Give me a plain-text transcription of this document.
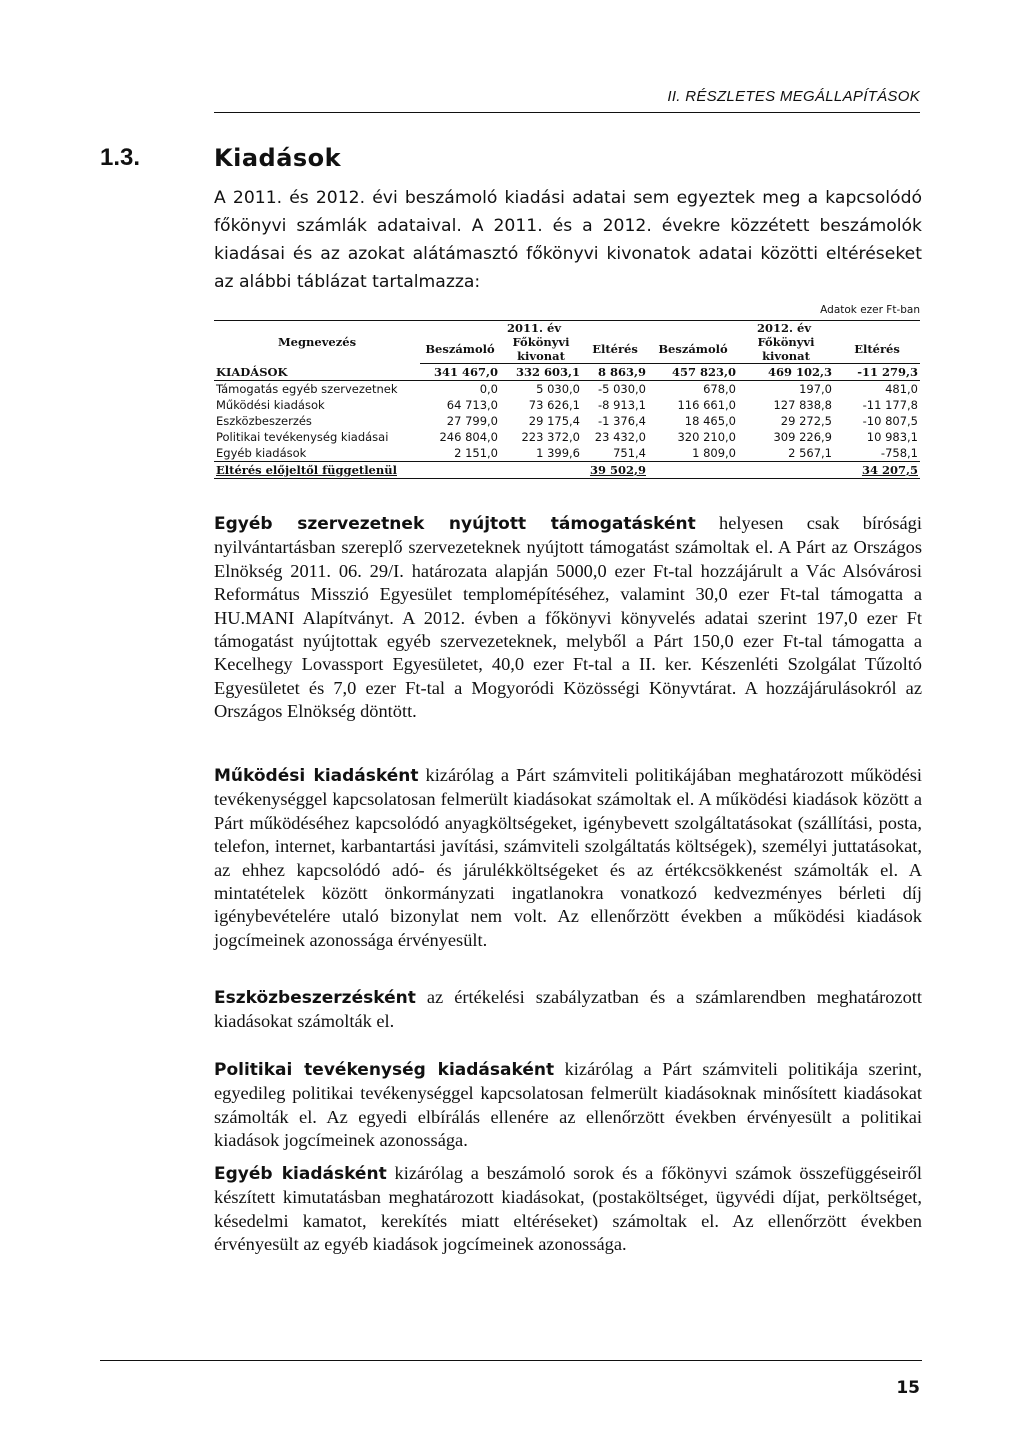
II. RÉSZLETES MEGÁLLAPÍTÁSOK
1.3.	Kiadások

A 2011. és 2012. évi beszámoló kiadási adatai sem egyeztek meg a kapcsolódó főkönyvi számlák adataival. A 2011. és a 2012. évekre közzétett beszámolók kiadásai és az azokat alátámasztó főkönyvi kivonatok adatai közötti eltéréseket az alábbi táblázat tartalmazza:

Adatok ezer Ft-ban
Megnevezés	2011. év			2012. év		
	Beszámoló	Főkönyvi kivonat	Eltérés	Beszámoló	Főkönyvi kivonat	Eltérés
KIADÁSOK	341 467,0	332 603,1	8 863,9	457 823,0	469 102,3	-11 279,3
Támogatás egyéb szervezetnek	0,0	5 030,0	-5 030,0	678,0	197,0	481,0
Működési kiadások	64 713,0	73 626,1	-8 913,1	116 661,0	127 838,8	-11 177,8
Eszközbeszerzés	27 799,0	29 175,4	-1 376,4	18 465,0	29 272,5	-10 807,5
Politikai tevékenység kiadásai	246 804,0	223 372,0	23 432,0	320 210,0	309 226,9	10 983,1
Egyéb kiadások	2 151,0	1 399,6	751,4	1 809,0	2 567,1	-758,1
Eltérés előjeltől függetlenül			39 502,9			34 207,5

Egyéb szervezetnek nyújtott támogatásként helyesen csak bírósági nyilvántartásban szereplő szervezeteknek nyújtott támogatást számoltak el. A Párt az Országos Elnökség 2011. 06. 29/I. határozata alapján 5000,0 ezer Ft-tal hozzájárult a Vác Alsóvárosi Református Misszió Egyesület templomépítéséhez, valamint 30,0 ezer Ft-tal támogatta a HU.MANI Alapítványt. A 2012. évben a főkönyvi könyvelés adatai szerint 197,0 ezer Ft támogatást nyújtottak egyéb szervezeteknek, melyből a Párt 150,0 ezer Ft-tal támogatta a Kecelhegy Lovassport Egyesületet, 40,0 ezer Ft-tal a II. ker. Készenléti Szolgálat Tűzoltó Egyesületet és 7,0 ezer Ft-tal a Mogyoródi Közösségi Könyvtárat. A hozzájárulásokról az Országos Elnökség döntött.

Működési kiadásként kizárólag a Párt számviteli politikájában meghatározott működési tevékenységgel kapcsolatosan felmerült kiadásokat számoltak el. A működési kiadások között a Párt működéséhez kapcsolódó anyagköltségeket, igénybevett szolgáltatásokat (szállítási, posta, telefon, internet, karbantartási javítási, számviteli szolgáltatás költségek), személyi juttatásokat, az ehhez kapcsolódó adó- és járulékköltségeket és az értékcsökkenést számolták el. A mintatételek között önkormányzati ingatlanokra vonatkozó kedvezményes bérleti díj igénybevételére utaló bizonylat nem volt. Az ellenőrzött években a működési kiadások jogcímeinek azonossága érvényesült.

Eszközbeszerzésként az értékelési szabályzatban és a számlarendben meghatározott kiadásokat számolták el.

Politikai tevékenység kiadásaként kizárólag a Párt számviteli politikája szerint, egyedileg politikai tevékenységgel kapcsolatosan felmerült kiadásoknak minősített kiadásokat számolták el. Az egyedi elbírálás ellenére az ellenőrzött években érvényesült a politikai kiadások jogcímeinek azonossága.

Egyéb kiadásként kizárólag a beszámoló sorok és a főkönyvi számok összefüggéseiről készített kimutatásban meghatározott kiadásokat, (postaköltséget, ügyvédi díjat, perköltséget, késedelmi kamatot, kerekítés miatt eltéréseket) számoltak el. Az ellenőrzött években érvényesült az egyéb kiadások jogcímeinek azonossága.

15
